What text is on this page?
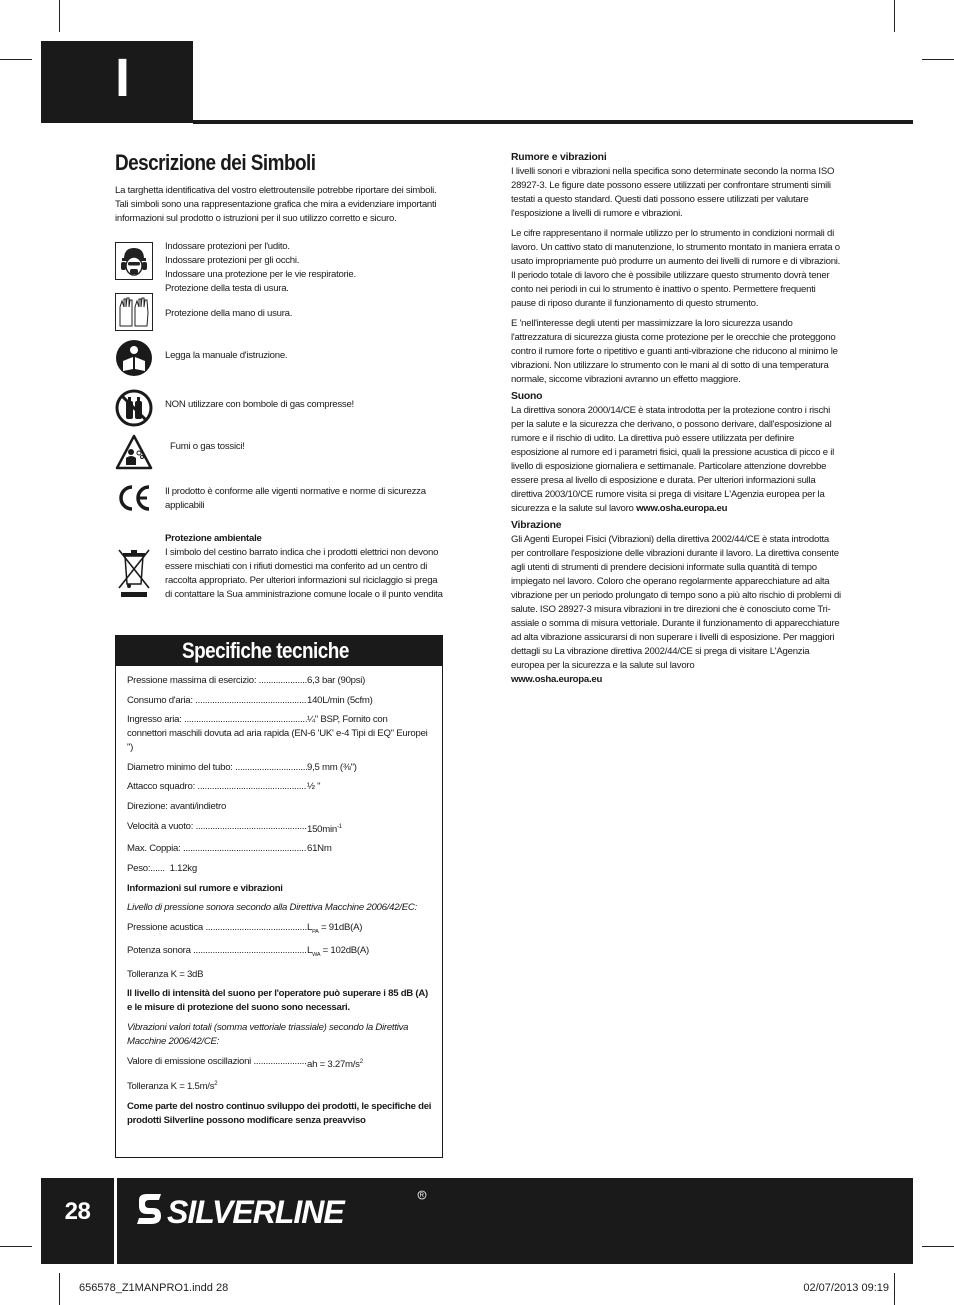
I
Descrizione dei Simboli

La targhetta identificativa del vostro elettroutensile potrebbe riportare dei simboli. Tali simboli sono una rappresentazione grafica che mira a evidenziare importanti informazioni sul prodotto o istruzioni per il suo utilizzo corretto e sicuro.

Indossare protezioni per l'udito.
Indossare protezioni per gli occhi.
Indossare una protezione per le vie respiratorie.
Protezione della testa di usura.
Protezione della mano di usura.
Legga la manuale d'istruzione.
NON utilizzare con bombole di gas compresse!
Fumi o gas tossici!
Il prodotto è conforme alle vigenti normative e norme di sicurezza applicabili
Protezione ambientale
I simbolo del cestino barrato indica che i prodotti elettrici non devono essere mischiati con i rifiuti domestici ma conferito ad un centro di raccolta appropriato. Per ulteriori informazioni sul riciclaggio si prega di contattare la Sua amministrazione comune locale o il punto vendita
Specifiche tecniche
Pressione massima di esercizio: .....	6,3 bar (90psi)
Consumo d'aria: .....	140L/min (5cfm)
Ingresso aria: .....	¼" BSP, Fornito con
connettori maschili dovuta ad aria rapida (EN-6 'UK' e-4 Tipi di EQ" Europei ")
Diametro minimo del tubo: .....	9,5 mm (⅜")
Attacco squadro: .....	½ "
Direzione: avanti/indietro
Velocità a vuoto: .....	$150\min^{-1}$
Max. Coppia: .....	61Nm
Peso:...... 1.12kg
Informazioni sul rumore e vibrazioni
Livello di pressione sonora secondo alla Direttiva Macchine 2006/42/EC:
Pressione acustica .....	$L_{PA} = 91dB(A)$
Potenza sonora .....	$L_{WA} = 102dB(A)$
Tolleranza K = 3dB
Il livello di intensità del suono per l'operatore può superare i 85 dB (A) e le misure di protezione del suono sono necessari.
Vibrazioni valori totali (somma vettoriale triassiale) secondo la Direttiva Macchine 2006/42/CE:
Valore di emissione oscillazioni .....	ah = $3.27m/s^2$
Tolleranza $K = 1.5m/s^2$
Come parte del nostro continuo sviluppo dei prodotti, le specifiche dei prodotti Silverline possono modificare senza preavviso
Rumore e vibrazioni

I livelli sonori e vibrazioni nella specifica sono determinate secondo la norma ISO 28927-3. Le figure date possono essere utilizzati per confrontare strumenti simili testati a questo standard. Questi dati possono essere utilizzati per valutare l'esposizione a livelli di rumore e vibrazioni.

Le cifre rappresentano il normale utilizzo per lo strumento in condizioni normali di lavoro. Un cattivo stato di manutenzione, lo strumento montato in maniera errata o usato impropriamente può produrre un aumento dei livelli di rumore e di vibrazioni. Il periodo totale di lavoro che è possibile utilizzare questo strumento dovrà tener conto nei periodi in cui lo strumento è inattivo o spento. Permettere frequenti pause di riposo durante il funzionamento di questo strumento.

E 'nell'interesse degli utenti per massimizzare la loro sicurezza usando l'attrezzatura di sicurezza giusta come protezione per le orecchie che proteggono contro il rumore forte o ripetitivo e guanti anti-vibrazione che riducono al minimo le vibrazioni. Non utilizzare lo strumento con le mani al di sotto di una temperatura normale, siccome vibrazioni avranno un effetto maggiore.

Suono

La direttiva sonora 2000/14/CE è stata introdotta per la protezione contro i rischi per la salute e la sicurezza che derivano, o possono derivare, dall'esposizione al rumore e il rischio di udito. La direttiva può essere utilizzata per definire esposizione al rumore ed i parametri fisici, quali la pressione acustica di picco e il livello di esposizione giornaliera e settimanale. Particolare attenzione dovrebbe essere presa al livello di esposizione e durata. Per ulteriori informazioni sulla direttiva 2003/10/CE rumore visita si prega di visitare L'Agenzia europea per la sicurezza e la salute sul lavoro www.osha.europa.eu

Vibrazione

Gli Agenti Europei Fisici (Vibrazioni) della direttiva 2002/44/CE è stata introdotta per controllare l'esposizione delle vibrazioni durante il lavoro. La direttiva consente agli utenti di strumenti di prendere decisioni informate sulla quantità di tempo impiegato nel lavoro. Coloro che operano regolarmente apparecchiature ad alta vibrazione per un periodo prolungato di tempo sono a più alto rischio di problemi di salute. ISO 28927-3 misura vibrazioni in tre direzioni che è conosciuto come Tri-assiale o somma di misura vettoriale. Durante il funzionamento di apparecchiature ad alta vibrazione assicurarsi di non superare i livelli di esposizione. Per maggiori dettagli su La vibrazione direttiva 2002/44/CE si prega di visitare L'Agenzia europea per la sicurezza e la salute sul lavoro
www.osha.europa.eu

28	SILVERLINE	R
656578_Z1MANPRO1.indd 28	02/07/2013 09:19
